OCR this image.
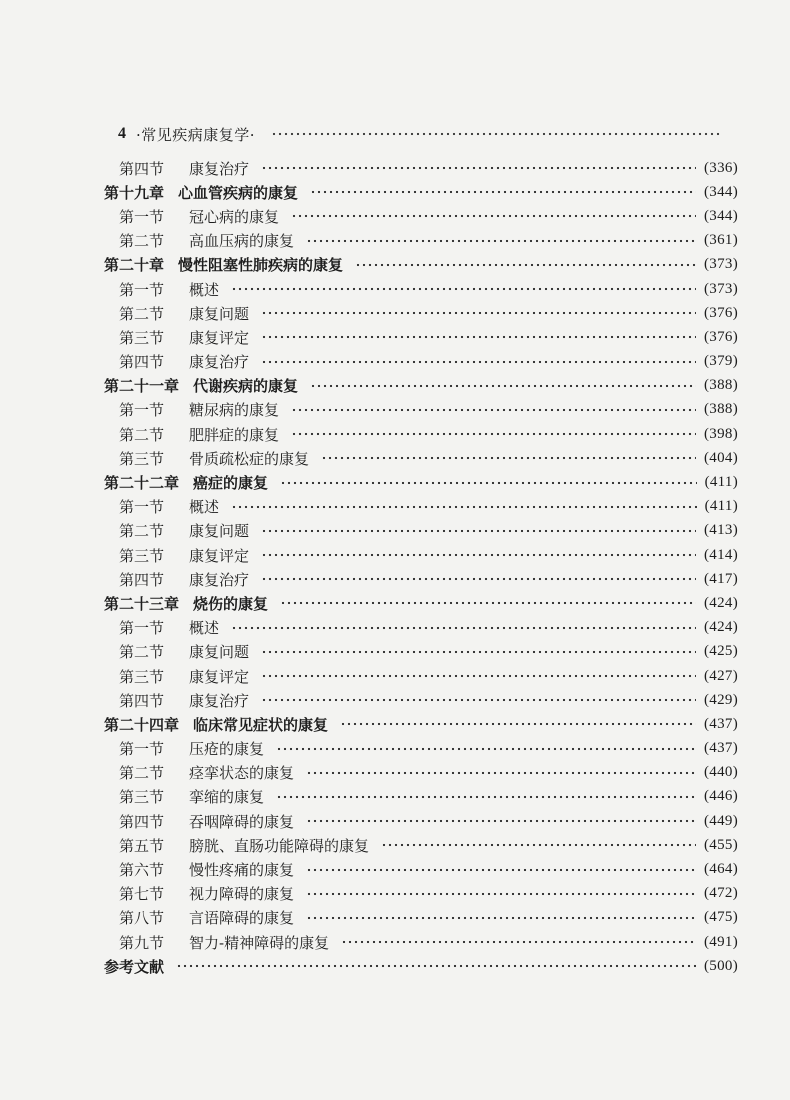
4 ·常见疾病康复学·
第四节	康复治疗	(336)
第十九章 心血管疾病的康复	(344)
第一节	冠心病的康复	(344)
第二节	高血压病的康复	(361)
第二十章 慢性阻塞性肺疾病的康复	(373)
第一节	概述	(373)
第二节	康复问题	(376)
第三节	康复评定	(376)
第四节	康复治疗	(379)
第二十一章 代谢疾病的康复	(388)
第一节	糖尿病的康复	(388)
第二节	肥胖症的康复	(398)
第三节	骨质疏松症的康复	(404)
第二十二章 癌症的康复	(411)
第一节	概述	(411)
第二节	康复问题	(413)
第三节	康复评定	(414)
第四节	康复治疗	(417)
第二十三章 烧伤的康复	(424)
第一节	概述	(424)
第二节	康复问题	(425)
第三节	康复评定	(427)
第四节	康复治疗	(429)
第二十四章 临床常见症状的康复	(437)
第一节	压疮的康复	(437)
第二节	痉挛状态的康复	(440)
第三节	挛缩的康复	(446)
第四节	吞咽障碍的康复	(449)
第五节	膀胱、直肠功能障碍的康复	(455)
第六节	慢性疼痛的康复	(464)
第七节	视力障碍的康复	(472)
第八节	言语障碍的康复	(475)
第九节	智力-精神障碍的康复	(491)
参考文献	(500)
